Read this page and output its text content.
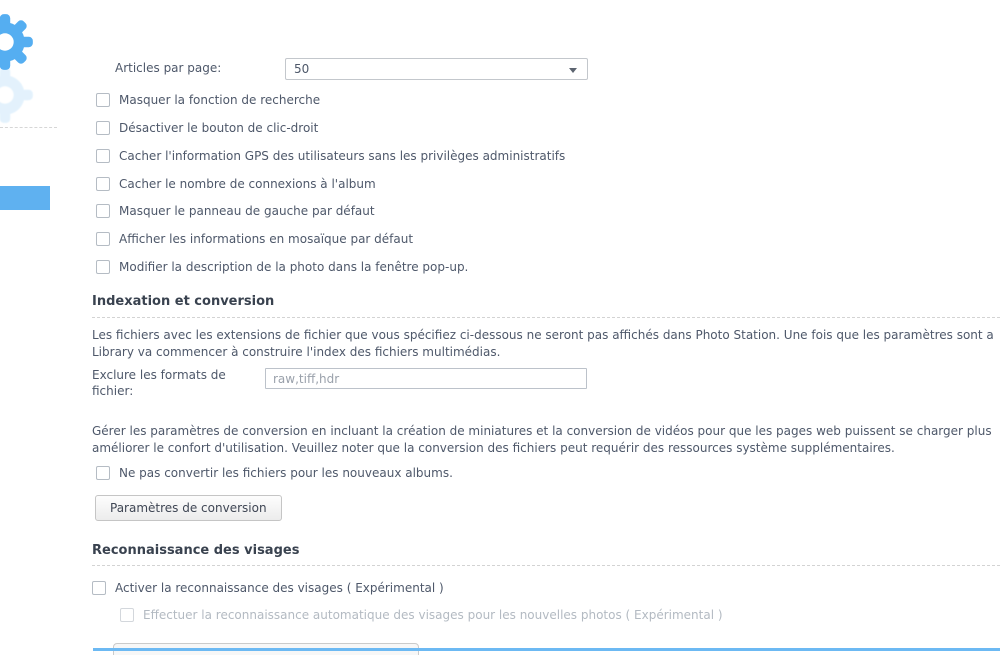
Articles par page:	50
Masquer la fonction de recherche
Désactiver le bouton de clic-droit
Cacher l'information GPS des utilisateurs sans les privilèges administratifs
Cacher le nombre de connexions à l'album
Masquer le panneau de gauche par défaut
Afficher les informations en mosaïque par défaut
Modifier la description de la photo dans la fenêtre pop-up.
Indexation et conversion
Les fichiers avec les extensions de fichier que vous spécifiez ci-dessous ne seront pas affichés dans Photo Station. Une fois que les paramètres sont a
Library va commencer à construire l'index des fichiers multimédias.
Exclure les formats de fichier:
raw,tiff,hdr
Gérer les paramètres de conversion en incluant la création de miniatures et la conversion de vidéos pour que les pages web puissent se charger plus
améliorer le confort d'utilisation. Veuillez noter que la conversion des fichiers peut requérir des ressources système supplémentaires.
Ne pas convertir les fichiers pour les nouveaux albums.
Paramètres de conversion
Reconnaissance des visages
Activer la reconnaissance des visages ( Expérimental )
Effectuer la reconnaissance automatique des visages pour les nouvelles photos ( Expérimental )
